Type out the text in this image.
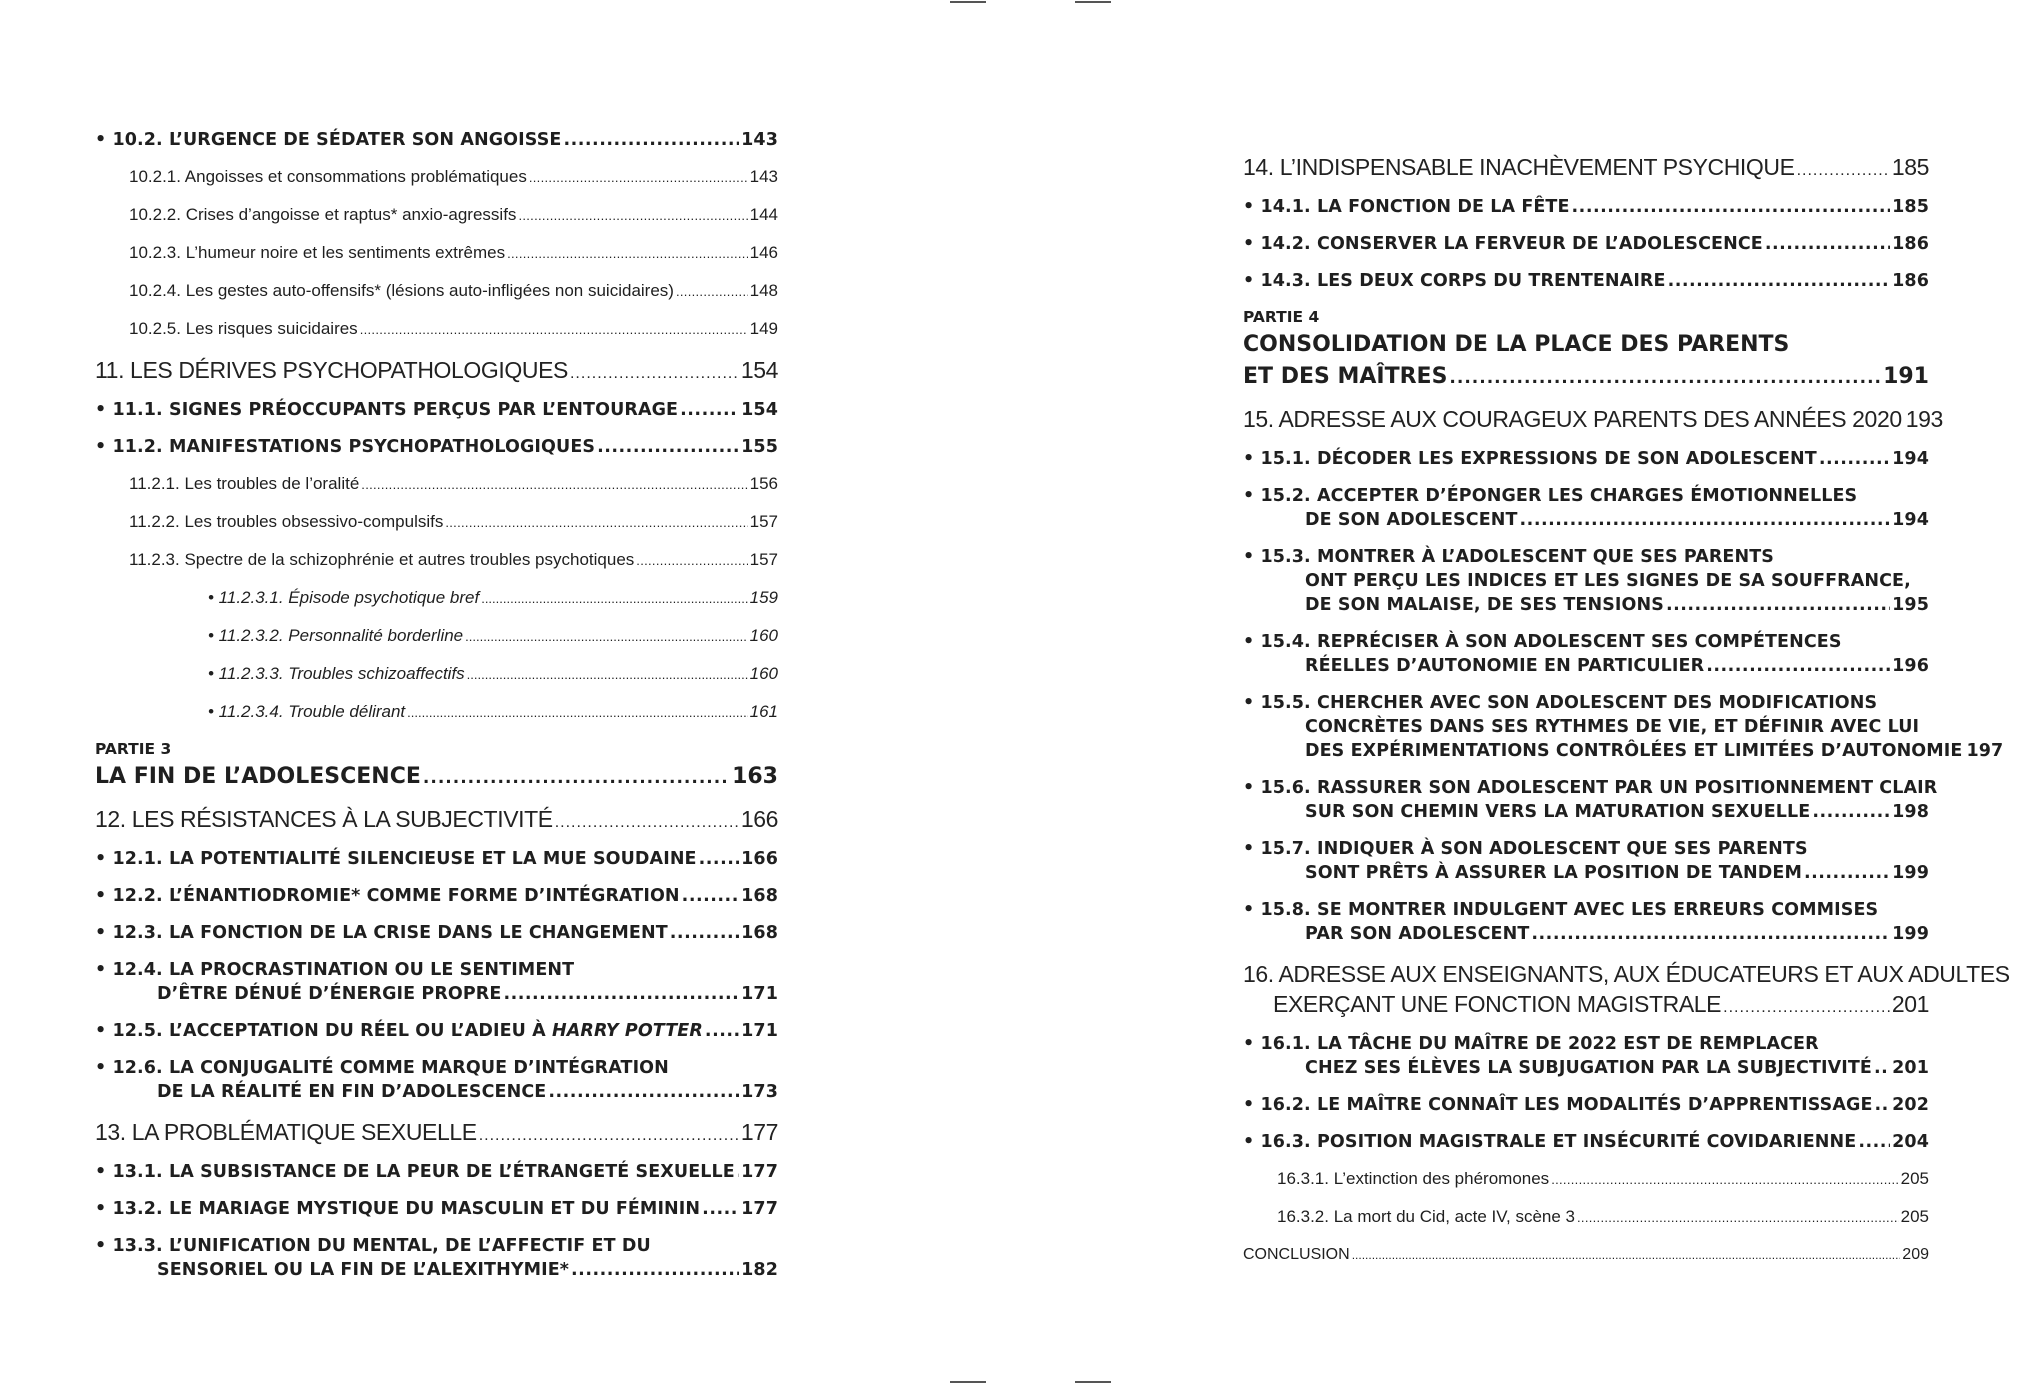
• 10.2. L’URGENCE DE SÉDATER SON ANGOISSE .....	143
10.2.1. Angoisses et consommations problématiques .....	143
10.2.2. Crises d’angoisse et raptus* anxio-agressifs .....	144
10.2.3. L’humeur noire et les sentiments extrêmes .....	146
10.2.4. Les gestes auto-offensifs* (lésions auto-infligées non suicidaires) .....	148
10.2.5. Les risques suicidaires .....	149
11. LES DÉRIVES PSYCHOPATHOLOGIQUES .....	154
• 11.1. SIGNES PRÉOCCUPANTS PERÇUS PAR L’ENTOURAGE .....	154
• 11.2. MANIFESTATIONS PSYCHOPATHOLOGIQUES .....	155
11.2.1. Les troubles de l’oralité .....	156
11.2.2. Les troubles obsessivo-compulsifs .....	157
11.2.3. Spectre de la schizophrénie et autres troubles psychotiques .....	157
• 11.2.3.1. Épisode psychotique bref .....	159
• 11.2.3.2. Personnalité borderline .....	160
• 11.2.3.3. Troubles schizoaffectifs .....	160
• 11.2.3.4. Trouble délirant .....	161
PARTIE 3
LA FIN DE L’ADOLESCENCE .....	163
12. LES RÉSISTANCES À LA SUBJECTIVITÉ .....	166
• 12.1. LA POTENTIALITÉ SILENCIEUSE ET LA MUE SOUDAINE .....	166
• 12.2. L’ÉNANTIODROMIE* COMME FORME D’INTÉGRATION .....	168
• 12.3. LA FONCTION DE LA CRISE DANS LE CHANGEMENT .....	168
• 12.4. LA PROCRASTINATION OU LE SENTIMENT
D’ÊTRE DÉNUÉ D’ÉNERGIE PROPRE .....	171
• 12.5. L’ACCEPTATION DU RÉEL OU L’ADIEU À HARRY POTTER ..... 171
• 12.6. LA CONJUGALITÉ COMME MARQUE D’INTÉGRATION
DE LA RÉALITÉ EN FIN D’ADOLESCENCE .....	173
13. LA PROBLÉMATIQUE SEXUELLE .....	177
• 13.1. LA SUBSISTANCE DE LA PEUR DE L’ÉTRANGETÉ SEXUELLE ..... 177
• 13.2. LE MARIAGE MYSTIQUE DU MASCULIN ET DU FÉMININ ..... 177
• 13.3. L’UNIFICATION DU MENTAL, DE L’AFFECTIF ET DU
SENSORIEL OU LA FIN DE L’ALEXITHYMIE* .....	182
14. L’INDISPENSABLE INACHÈVEMENT PSYCHIQUE .....	185
• 14.1. LA FONCTION DE LA FÊTE .....	185
• 14.2. CONSERVER LA FERVEUR DE L’ADOLESCENCE .....	186
• 14.3. LES DEUX CORPS DU TRENTENAIRE .....	186
PARTIE 4
CONSOLIDATION DE LA PLACE DES PARENTS
ET DES MAÎTRES .....	191
15. ADRESSE AUX COURAGEUX PARENTS DES ANNÉES 2020 193
• 15.1. DÉCODER LES EXPRESSIONS DE SON ADOLESCENT .....	194
• 15.2. ACCEPTER D’ÉPONGER LES CHARGES ÉMOTIONNELLES
DE SON ADOLESCENT .....	194
• 15.3. MONTRER À L’ADOLESCENT QUE SES PARENTS
ONT PERÇU LES INDICES ET LES SIGNES DE SA SOUFFRANCE,
DE SON MALAISE, DE SES TENSIONS .....	195
• 15.4. REPRÉCISER À SON ADOLESCENT SES COMPÉTENCES
RÉELLES D’AUTONOMIE EN PARTICULIER .....	196
• 15.5. CHERCHER AVEC SON ADOLESCENT DES MODIFICATIONS
CONCRÈTES DANS SES RYTHMES DE VIE, ET DÉFINIR AVEC LUI
DES EXPÉRIMENTATIONS CONTRÔLÉES ET LIMITÉES D’AUTONOMIE 197
• 15.6. RASSURER SON ADOLESCENT PAR UN POSITIONNEMENT CLAIR
SUR SON CHEMIN VERS LA MATURATION SEXUELLE .....	198
• 15.7. INDIQUER À SON ADOLESCENT QUE SES PARENTS
SONT PRÊTS À ASSURER LA POSITION DE TANDEM .....	199
• 15.8. SE MONTRER INDULGENT AVEC LES ERREURS COMMISES
PAR SON ADOLESCENT .....	199
16. ADRESSE AUX ENSEIGNANTS, AUX ÉDUCATEURS ET AUX ADULTES
EXERÇANT UNE FONCTION MAGISTRALE .....	201
• 16.1. LA TÂCHE DU MAÎTRE DE 2022 EST DE REMPLACER
CHEZ SES ÉLÈVES LA SUBJUGATION PAR LA SUBJECTIVITÉ ..... 201
• 16.2. LE MAÎTRE CONNAÎT LES MODALITÉS D’APPRENTISSAGE ..... 202
• 16.3. POSITION MAGISTRALE ET INSÉCURITÉ COVIDARIENNE ..... 204
16.3.1. L’extinction des phéromones .....	205
16.3.2. La mort du Cid, acte IV, scène 3 .....	205
CONCLUSION .....	209
